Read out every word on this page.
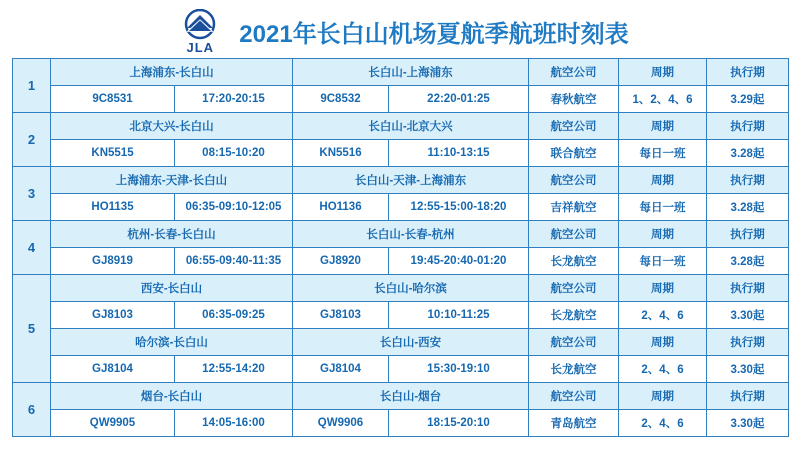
JLA 2021年长白山机场夏航季航班时刻表
1	上海浦东-长白山		长白山-上海浦东		航空公司	周期	执行期
	9C8531	17:20-20:15	9C8532	22:20-01:25	春秋航空	1、2、4、6	3.29起
2	北京大兴-长白山		长白山-北京大兴		航空公司	周期	执行期
	KN5515	08:15-10:20	KN5516	11:10-13:15	联合航空	每日一班	3.28起
3	上海浦东-天津-长白山		长白山-天津-上海浦东		航空公司	周期	执行期
	HO1135	06:35-09:10-12:05	HO1136	12:55-15:00-18:20	吉祥航空	每日一班	3.28起
4	杭州-长春-长白山		长白山-长春-杭州		航空公司	周期	执行期
	GJ8919	06:55-09:40-11:35	GJ8920	19:45-20:40-01:20	长龙航空	每日一班	3.28起
5	西安-长白山		长白山-哈尔滨		航空公司	周期	执行期
	GJ8103	06:35-09:25	GJ8103	10:10-11:25	长龙航空	2、4、6	3.30起
	哈尔滨-长白山		长白山-西安		航空公司	周期	执行期
	GJ8104	12:55-14:20	GJ8104	15:30-19:10	长龙航空	2、4、6	3.30起
6	烟台-长白山		长白山-烟台		航空公司	周期	执行期
	QW9905	14:05-16:00	QW9906	18:15-20:10	青岛航空	2、4、6	3.30起
